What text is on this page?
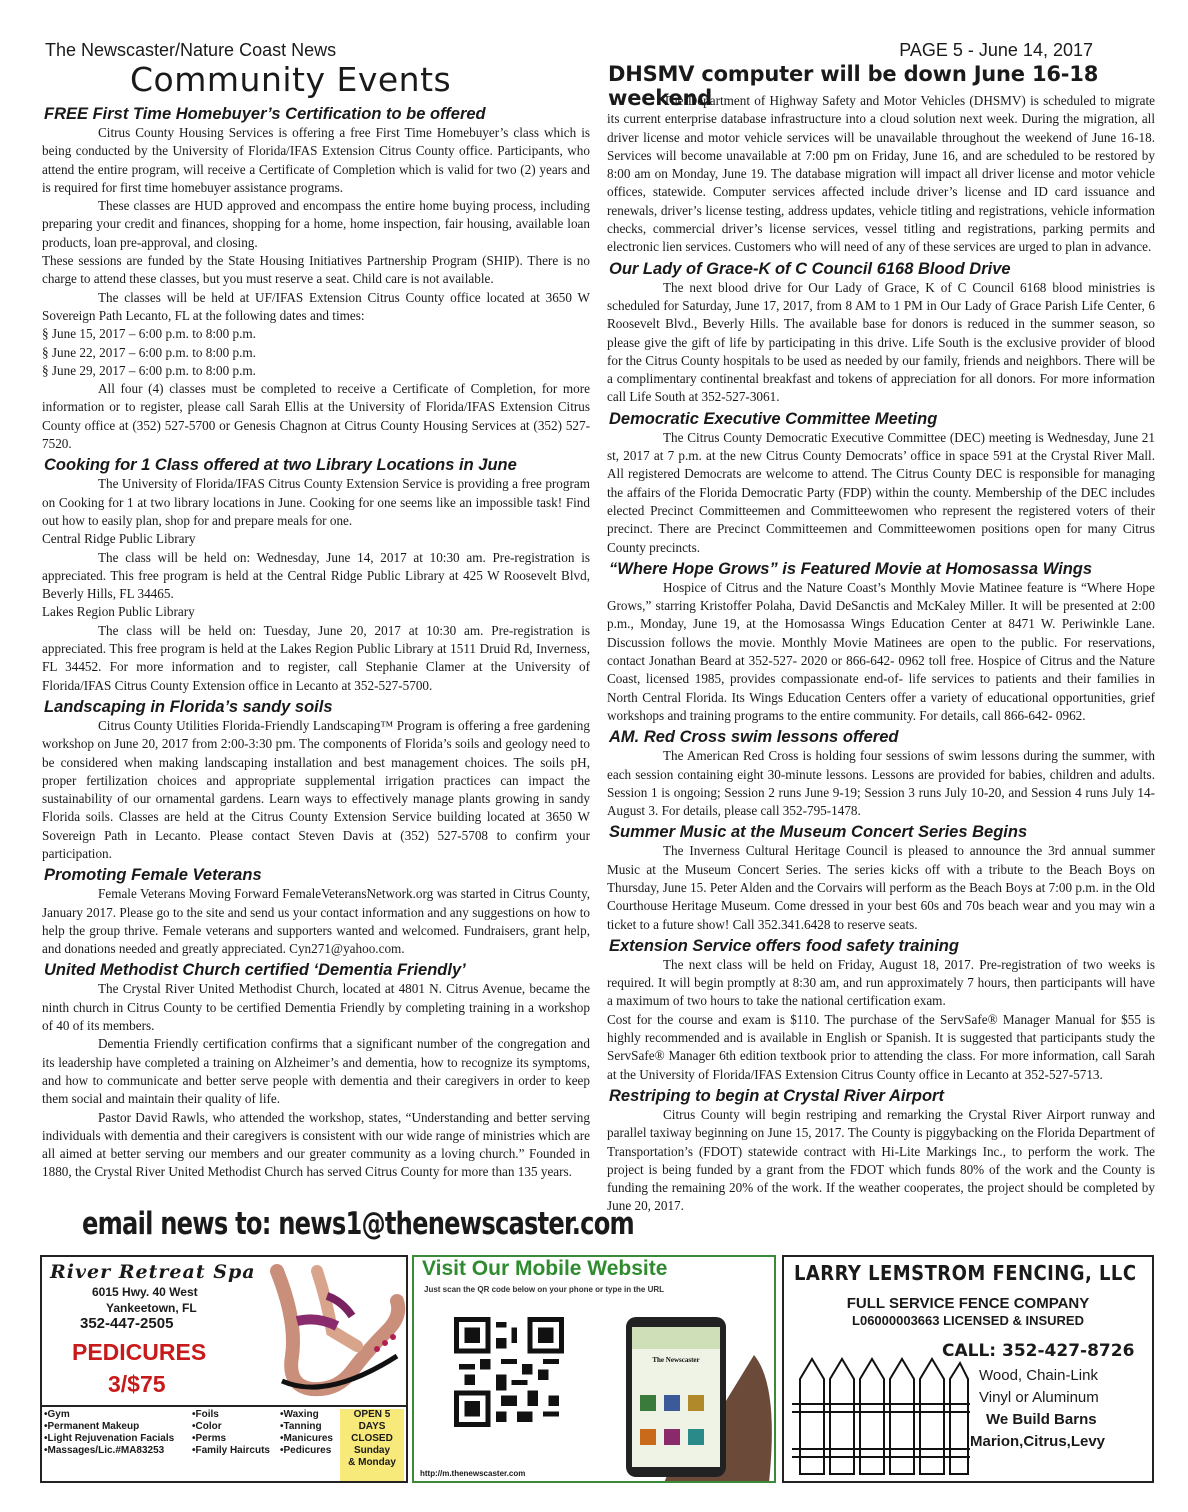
The Newscaster/Nature Coast News	PAGE 5 - June 14, 2017
Community Events	DHSMV computer will be down June 16-18 weekend
FREE First Time Homebuyer’s Certification to be offered

Citrus County Housing Services is offering a free First Time Homebuyer’s class which is being conducted by the University of Florida/IFAS Extension Citrus County office. Participants, who attend the entire program, will receive a Certificate of Completion which is valid for two (2) years and is required for first time homebuyer assistance programs.

These classes are HUD approved and encompass the entire home buying process, including preparing your credit and finances, shopping for a home, home inspection, fair housing, available loan products, loan pre-approval, and closing.

These sessions are funded by the State Housing Initiatives Partnership Program (SHIP). There is no charge to attend these classes, but you must reserve a seat. Child care is not available.

The classes will be held at UF/IFAS Extension Citrus County office located at 3650 W Sovereign Path Lecanto, FL at the following dates and times:

§ June 15, 2017 – 6:00 p.m. to 8:00 p.m.

§ June 22, 2017 – 6:00 p.m. to 8:00 p.m.

§ June 29, 2017 – 6:00 p.m. to 8:00 p.m.

All four (4) classes must be completed to receive a Certificate of Completion, for more information or to register, please call Sarah Ellis at the University of Florida/IFAS Extension Citrus County office at (352) 527-5700 or Genesis Chagnon at Citrus County Housing Services at (352) 527-7520.

Cooking for 1 Class offered at two Library Locations in June

The University of Florida/IFAS Citrus County Extension Service is providing a free program on Cooking for 1 at two library locations in June. Cooking for one seems like an impossible task! Find out how to easily plan, shop for and prepare meals for one.

Central Ridge Public Library

The class will be held on: Wednesday, June 14, 2017 at 10:30 am. Pre-registration is appreciated. This free program is held at the Central Ridge Public Library at 425 W Roosevelt Blvd, Beverly Hills, FL 34465.

Lakes Region Public Library

The class will be held on: Tuesday, June 20, 2017 at 10:30 am. Pre-registration is appreciated. This free program is held at the Lakes Region Public Library at 1511 Druid Rd, Inverness, FL 34452. For more information and to register, call Stephanie Clamer at the University of Florida/IFAS Citrus County Extension office in Lecanto at 352-527-5700.

Landscaping in Florida’s sandy soils

Citrus County Utilities Florida-Friendly Landscaping™ Program is offering a free gardening workshop on June 20, 2017 from 2:00-3:30 pm. The components of Florida’s soils and geology need to be considered when making landscaping installation and best management choices. The soils pH, proper fertilization choices and appropriate supplemental irrigation practices can impact the sustainability of our ornamental gardens. Learn ways to effectively manage plants growing in sandy Florida soils. Classes are held at the Citrus County Extension Service building located at 3650 W Sovereign Path in Lecanto. Please contact Steven Davis at (352) 527-5708 to confirm your participation.

Promoting Female Veterans

Female Veterans Moving Forward FemaleVeteransNetwork.org was started in Citrus County, January 2017. Please go to the site and send us your contact information and any suggestions on how to help the group thrive. Female veterans and supporters wanted and welcomed. Fundraisers, grant help, and donations needed and greatly appreciated. Cyn271@yahoo.com.

United Methodist Church certified ‘Dementia Friendly’

The Crystal River United Methodist Church, located at 4801 N. Citrus Avenue, became the ninth church in Citrus County to be certified Dementia Friendly by completing training in a workshop of 40 of its members.

Dementia Friendly certification confirms that a significant number of the congregation and its leadership have completed a training on Alzheimer’s and dementia, how to recognize its symptoms, and how to communicate and better serve people with dementia and their caregivers in order to keep them social and maintain their quality of life.

Pastor David Rawls, who attended the workshop, states, “Understanding and better serving individuals with dementia and their caregivers is consistent with our wide range of ministries which are all aimed at better serving our members and our greater community as a loving church.” Founded in 1880, the Crystal River United Methodist Church has served Citrus County for more than 135 years.

The Department of Highway Safety and Motor Vehicles (DHSMV) is scheduled to migrate its current enterprise database infrastructure into a cloud solution next week. During the migration, all driver license and motor vehicle services will be unavailable throughout the weekend of June 16-18. Services will become unavailable at 7:00 pm on Friday, June 16, and are scheduled to be restored by 8:00 am on Monday, June 19. The database migration will impact all driver license and motor vehicle offices, statewide. Computer services affected include driver’s license and ID card issuance and renewals, driver’s license testing, address updates, vehicle titling and registrations, vehicle information checks, commercial driver’s license services, vessel titling and registrations, parking permits and electronic lien services. Customers who will need of any of these services are urged to plan in advance.

Our Lady of Grace-K of C Council 6168 Blood Drive

The next blood drive for Our Lady of Grace, K of C Council 6168 blood ministries is scheduled for Saturday, June 17, 2017, from 8 AM to 1 PM in Our Lady of Grace Parish Life Center, 6 Roosevelt Blvd., Beverly Hills. The available base for donors is reduced in the summer season, so please give the gift of life by participating in this drive. Life South is the exclusive provider of blood for the Citrus County hospitals to be used as needed by our family, friends and neighbors. There will be a complimentary continental breakfast and tokens of appreciation for all donors. For more information call Life South at 352-527-3061.

Democratic Executive Committee Meeting

The Citrus County Democratic Executive Committee (DEC) meeting is Wednesday, June 21 st, 2017 at 7 p.m. at the new Citrus County Democrats’ office in space 591 at the Crystal River Mall. All registered Democrats are welcome to attend. The Citrus County DEC is responsible for managing the affairs of the Florida Democratic Party (FDP) within the county. Membership of the DEC includes elected Precinct Committeemen and Committeewomen who represent the registered voters of their precinct. There are Precinct Committeemen and Committeewomen positions open for many Citrus County precincts.

“Where Hope Grows” is Featured Movie at Homosassa Wings

Hospice of Citrus and the Nature Coast’s Monthly Movie Matinee feature is “Where Hope Grows,” starring Kristoffer Polaha, David DeSanctis and McKaley Miller. It will be presented at 2:00 p.m., Monday, June 19, at the Homosassa Wings Education Center at 8471 W. Periwinkle Lane. Discussion follows the movie. Monthly Movie Matinees are open to the public. For reservations, contact Jonathan Beard at 352-527- 2020 or 866-642- 0962 toll free. Hospice of Citrus and the Nature Coast, licensed 1985, provides compassionate end-of- life services to patients and their families in North Central Florida. Its Wings Education Centers offer a variety of educational opportunities, grief workshops and training programs to the entire community. For details, call 866-642- 0962.

AM. Red Cross swim lessons offered

The American Red Cross is holding four sessions of swim lessons during the summer, with each session containing eight 30-minute lessons. Lessons are provided for babies, children and adults. Session 1 is ongoing; Session 2 runs June 9-19; Session 3 runs July 10-20, and Session 4 runs July 14-August 3. For details, please call 352-795-1478.

Summer Music at the Museum Concert Series Begins

The Inverness Cultural Heritage Council is pleased to announce the 3rd annual summer Music at the Museum Concert Series. The series kicks off with a tribute to the Beach Boys on Thursday, June 15. Peter Alden and the Corvairs will perform as the Beach Boys at 7:00 p.m. in the Old Courthouse Heritage Museum. Come dressed in your best 60s and 70s beach wear and you may win a ticket to a future show! Call 352.341.6428 to reserve seats.

Extension Service offers food safety training

The next class will be held on Friday, August 18, 2017. Pre-registration of two weeks is required. It will begin promptly at 8:30 am, and run approximately 7 hours, then participants will have a maximum of two hours to take the national certification exam.

Cost for the course and exam is $110. The purchase of the ServSafe® Manager Manual for $55 is highly recommended and is available in English or Spanish. It is suggested that participants study the ServSafe® Manager 6th edition textbook prior to attending the class. For more information, call Sarah at the University of Florida/IFAS Extension Citrus County office in Lecanto at 352-527-5713.

Restriping to begin at Crystal River Airport

Citrus County will begin restriping and remarking the Crystal River Airport runway and parallel taxiway beginning on June 15, 2017. The County is piggybacking on the Florida Department of Transportation’s (FDOT) statewide contract with Hi-Lite Markings Inc., to perform the work. The project is being funded by a grant from the FDOT which funds 80% of the work and the County is funding the remaining 20% of the work. If the weather cooperates, the project should be completed by June 20, 2017.

email news to: news1@thenewscaster.com
River Retreat Spa
6015 Hwy. 40 West
Yankeetown, FL
352-447-2505
PEDICURES
3/$75
•Gym
•Permanent Makeup
•Light Rejuvenation Facials
•Massages/Lic.#MA83253
•Foils
•Color
•Perms
•Family Haircuts
•Waxing
•Tanning
•Manicures
•Pedicures
OPEN 5 DAYS
CLOSED
Sunday
& Monday
Visit Our Mobile Website
Just scan the QR code below on your phone or type in the URL
The Newscaster
http://m.thenewscaster.com
LARRY LEMSTROM FENCING, LLC
FULL SERVICE FENCE COMPANY
L06000003663 LICENSED & INSURED
CALL: 352-427-8726
Wood, Chain-Link
Vinyl or Aluminum
We Build Barns
Marion,Citrus,Levy
